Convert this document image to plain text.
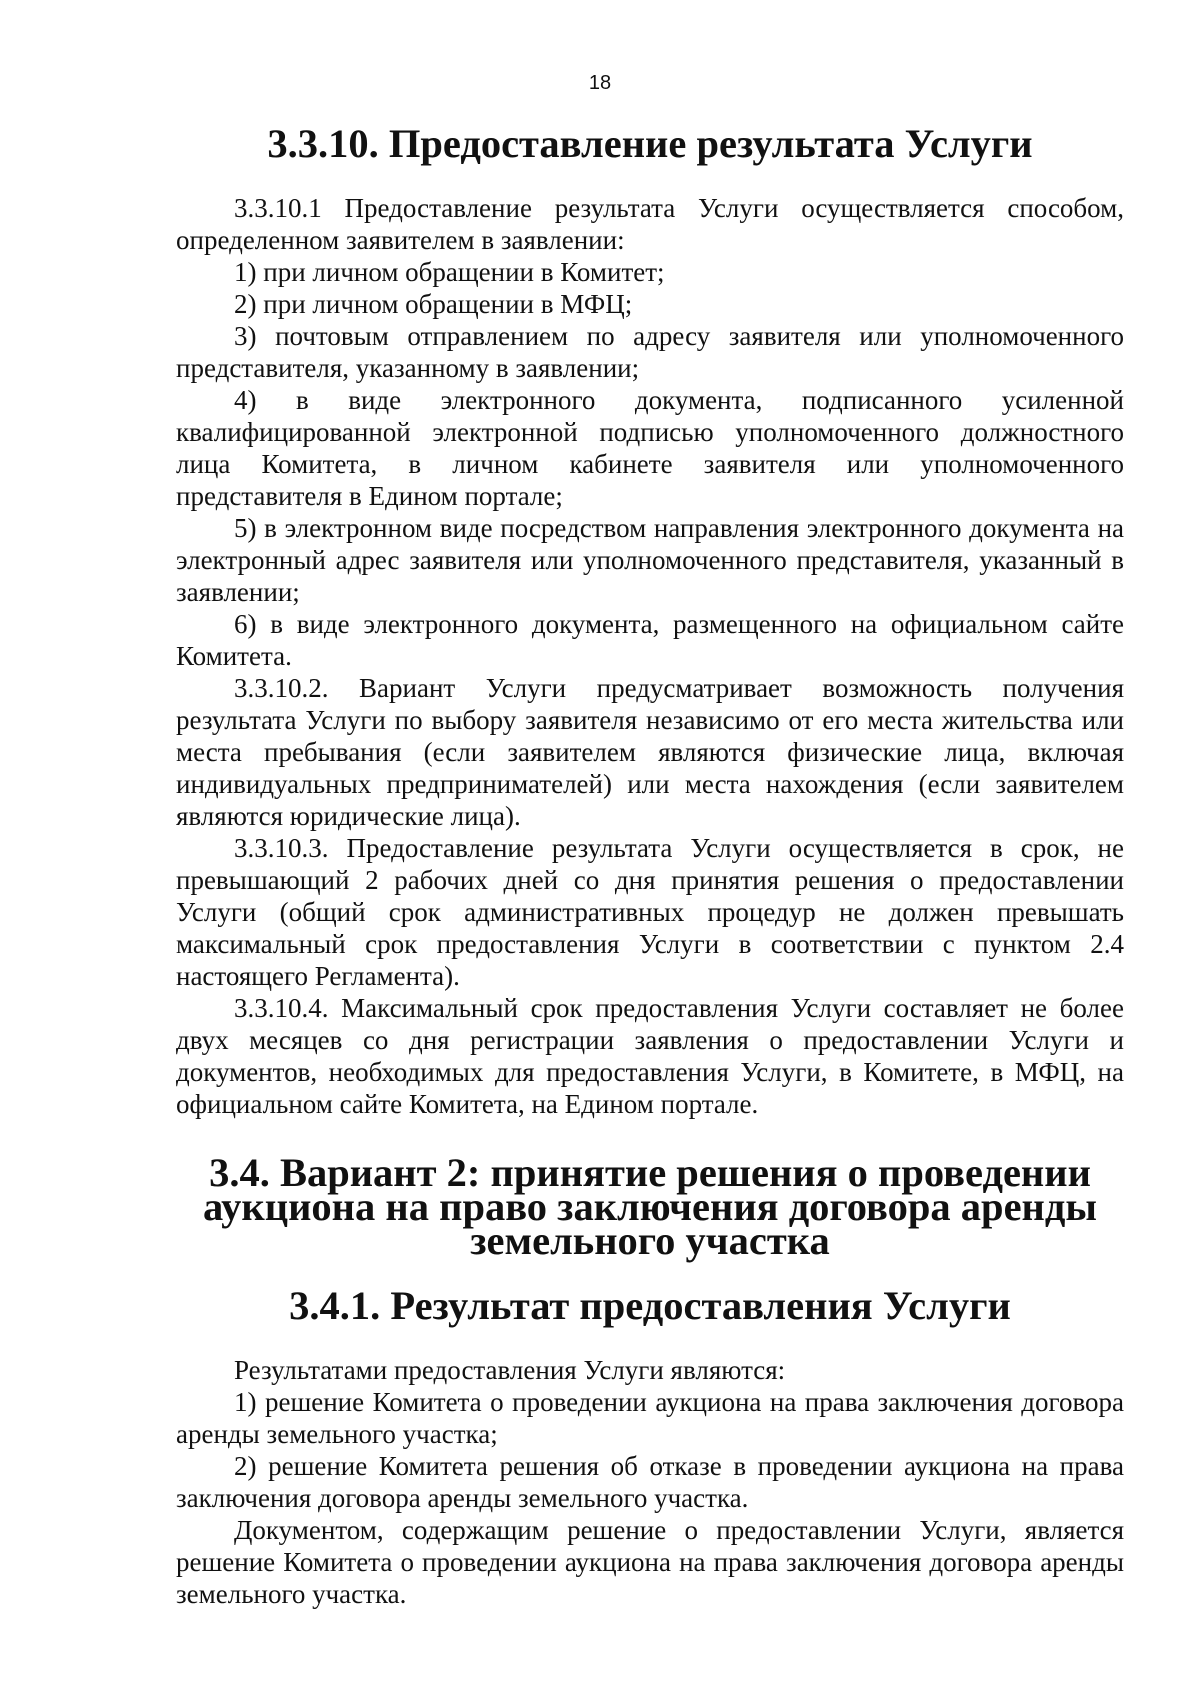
18
3.3.10. Предоставление результата Услуги

3.3.10.1 Предоставление результата Услуги осуществляется способом, определенном заявителем в заявлении:

1) при личном обращении в Комитет;

2) при личном обращении в МФЦ;

3) почтовым отправлением по адресу заявителя или уполномоченного представителя, указанному в заявлении;

4) в виде электронного документа, подписанного усиленной квалифицированной электронной подписью уполномоченного должностного лица Комитета, в личном кабинете заявителя или уполномоченного представителя в Едином портале;

5) в электронном виде посредством направления электронного документа на электронный адрес заявителя или уполномоченного представителя, указанный в заявлении;

6) в виде электронного документа, размещенного на официальном сайте Комитета.

3.3.10.2. Вариант Услуги предусматривает возможность получения результата Услуги по выбору заявителя независимо от его места жительства или места пребывания (если заявителем являются физические лица, включая индивидуальных предпринимателей) или места нахождения (если заявителем являются юридические лица).

3.3.10.3. Предоставление результата Услуги осуществляется в срок, не превышающий 2 рабочих дней со дня принятия решения о предоставлении Услуги (общий срок административных процедур не должен превышать максимальный срок предоставления Услуги в соответствии с пунктом 2.4 настоящего Регламента).

3.3.10.4. Максимальный срок предоставления Услуги составляет не более двух месяцев со дня регистрации заявления о предоставлении Услуги и документов, необходимых для предоставления Услуги, в Комитете, в МФЦ, на официальном сайте Комитета, на Едином портале.

3.4. Вариант 2: принятие решения о проведении аукциона на право заключения договора аренды земельного участка
3.4.1. Результат предоставления Услуги

Результатами предоставления Услуги являются:

1) решение Комитета о проведении аукциона на права заключения договора аренды земельного участка;

2) решение Комитета решения об отказе в проведении аукциона на права заключения договора аренды земельного участка.

Документом, содержащим решение о предоставлении Услуги, является решение Комитета о проведении аукциона на права заключения договора аренды земельного участка.
